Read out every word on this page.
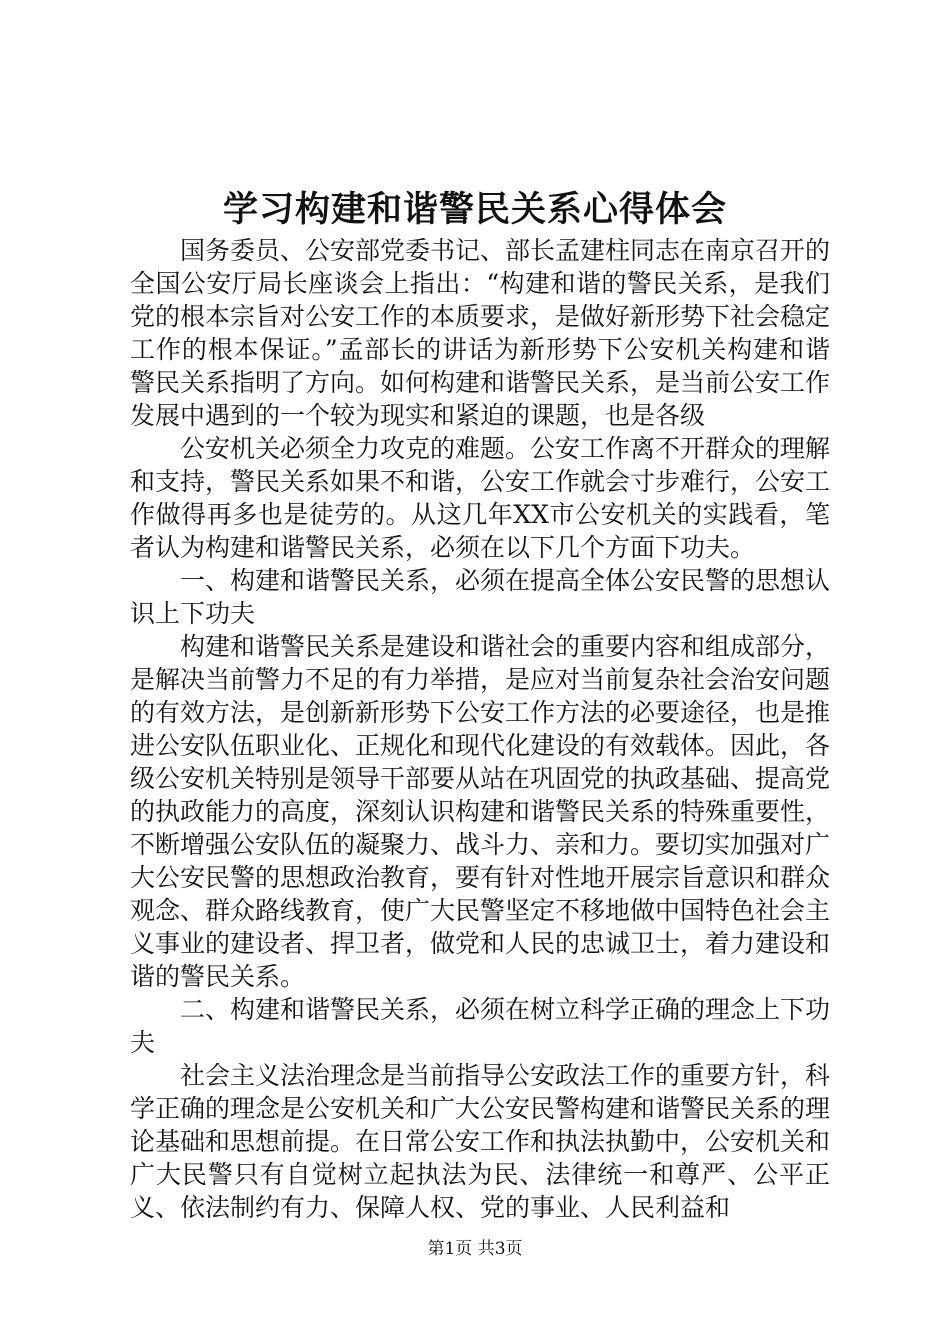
学习构建和谐警民关系心得体会

国务委员、公安部党委书记、部长孟建柱同志在南京召开的全国公安厅局长座谈会上指出：“构建和谐的警民关系，是我们党的根本宗旨对公安工作的本质要求，是做好新形势下社会稳定工作的根本保证。”孟部长的讲话为新形势下公安机关构建和谐警民关系指明了方向。如何构建和谐警民关系，是当前公安工作发展中遇到的一个较为现实和紧迫的课题，也是各级

公安机关必须全力攻克的难题。公安工作离不开群众的理解和支持，警民关系如果不和谐，公安工作就会寸步难行，公安工作做得再多也是徒劳的。从这几年XX市公安机关的实践看，笔者认为构建和谐警民关系，必须在以下几个方面下功夫。

一、构建和谐警民关系，必须在提高全体公安民警的思想认识上下功夫

构建和谐警民关系是建设和谐社会的重要内容和组成部分，是解决当前警力不足的有力举措，是应对当前复杂社会治安问题的有效方法，是创新新形势下公安工作方法的必要途径，也是推进公安队伍职业化、正规化和现代化建设的有效载体。因此，各级公安机关特别是领导干部要从站在巩固党的执政基础、提高党的执政能力的高度，深刻认识构建和谐警民关系的特殊重要性，不断增强公安队伍的凝聚力、战斗力、亲和力。要切实加强对广大公安民警的思想政治教育，要有针对性地开展宗旨意识和群众观念、群众路线教育，使广大民警坚定不移地做中国特色社会主义事业的建设者、捍卫者，做党和人民的忠诚卫士，着力建设和谐的警民关系。

二、构建和谐警民关系，必须在树立科学正确的理念上下功夫

社会主义法治理念是当前指导公安政法工作的重要方针，科学正确的理念是公安机关和广大公安民警构建和谐警民关系的理论基础和思想前提。在日常公安工作和执法执勤中，公安机关和广大民警只有自觉树立起执法为民、法律统一和尊严、公平正义、依法制约有力、保障人权、党的事业、人民利益和

第1页 共3页
